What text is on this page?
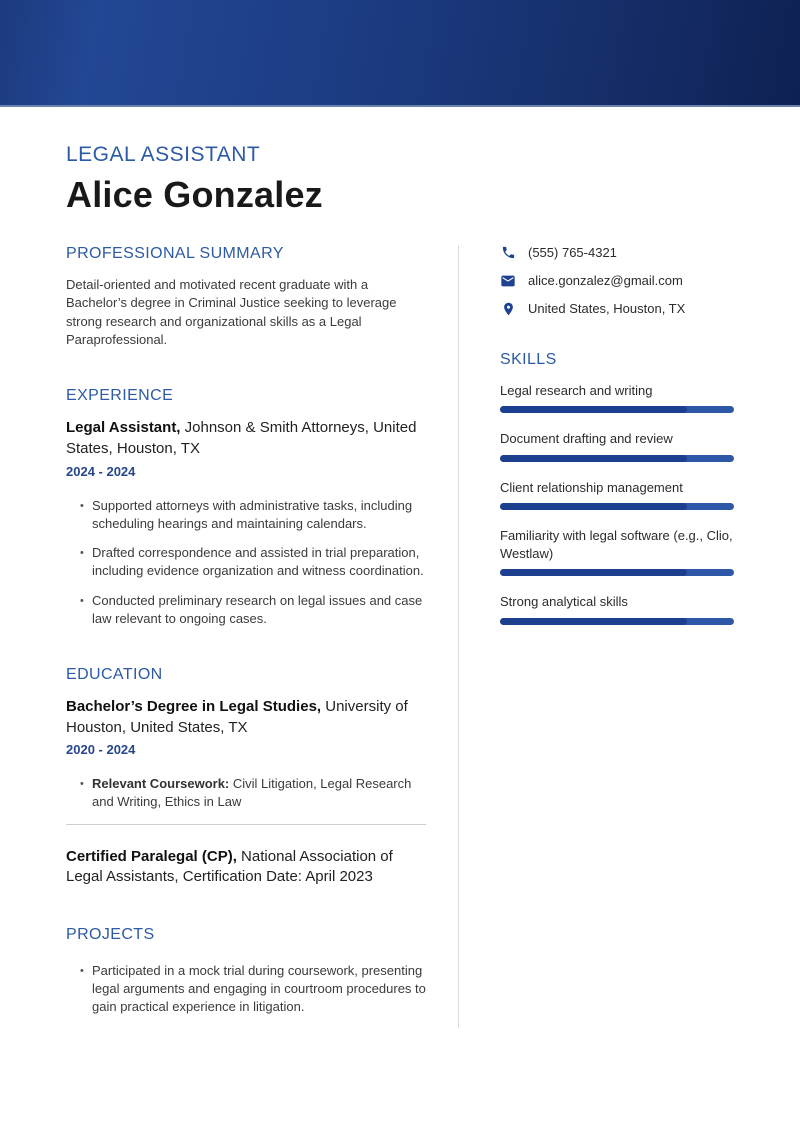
LEGAL ASSISTANT
Alice Gonzalez
PROFESSIONAL SUMMARY

Detail-oriented and motivated recent graduate with a Bachelor’s degree in Criminal Justice seeking to leverage strong research and organizational skills as a Legal Paraprofessional.

EXPERIENCE

Legal Assistant, Johnson & Smith Attorneys, United States, Houston, TX

2024 - 2024
• Supported attorneys with administrative tasks, including scheduling hearings and maintaining calendars.
• Drafted correspondence and assisted in trial preparation, including evidence organization and witness coordination.
• Conducted preliminary research on legal issues and case law relevant to ongoing cases.
EDUCATION

Bachelor’s Degree in Legal Studies, University of Houston, United States, TX

2020 - 2024
• Relevant Coursework: Civil Litigation, Legal Research and Writing, Ethics in Law

Certified Paralegal (CP), National Association of Legal Assistants, Certification Date: April 2023

PROJECTS
• Participated in a mock trial during coursework, presenting legal arguments and engaging in courtroom procedures to gain practical experience in litigation.
(555) 765-4321
alice.gonzalez@gmail.com
United States, Houston, TX
SKILLS
Legal research and writing
Document drafting and review
Client relationship management
Familiarity with legal software (e.g., Clio, Westlaw)
Strong analytical skills
